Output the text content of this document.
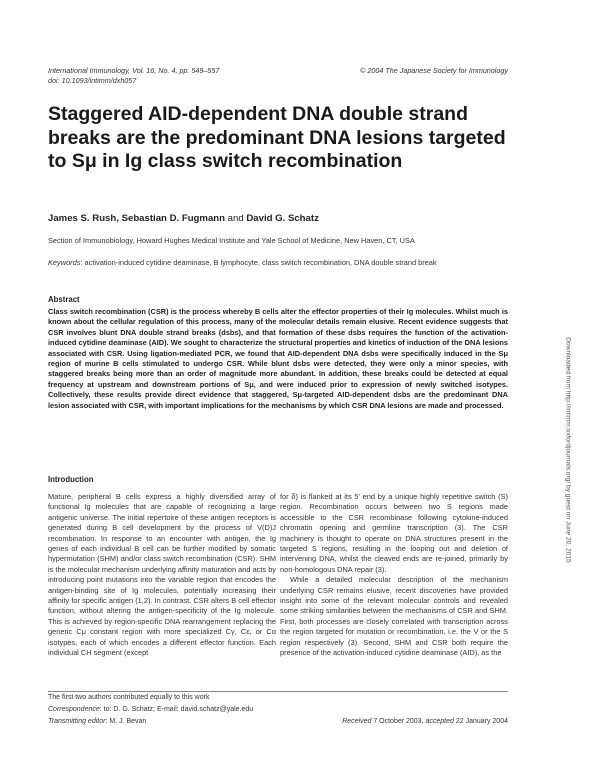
International Immunology, Vol. 16, No. 4, pp. 549–557
doi: 10.1093/intimm/dxh057
© 2004 The Japanese Society for Immunology
Staggered AID-dependent DNA double strand breaks are the predominant DNA lesions targeted to Sμ in Ig class switch recombination
James S. Rush, Sebastian D. Fugmann and David G. Schatz
Section of Immunobiology, Howard Hughes Medical Institute and Yale School of Medicine, New Haven, CT, USA
Keywords: activation-induced cytidine deaminase, B lymphocyte, class switch recombination, DNA double strand break
Abstract
Class switch recombination (CSR) is the process whereby B cells alter the effector properties of their Ig molecules. Whilst much is known about the cellular regulation of this process, many of the molecular details remain elusive. Recent evidence suggests that CSR involves blunt DNA double strand breaks (dsbs), and that formation of these dsbs requires the function of the activation-induced cytidine deaminase (AID). We sought to characterize the structural properties and kinetics of induction of the DNA lesions associated with CSR. Using ligation-mediated PCR, we found that AID-dependent DNA dsbs were specifically induced in the Sμ region of murine B cells stimulated to undergo CSR. While blunt dsbs were detected, they were only a minor species, with staggered breaks being more than an order of magnitude more abundant. In addition, these breaks could be detected at equal frequency at upstream and downstream portions of Sμ, and were induced prior to expression of newly switched isotypes. Collectively, these results provide direct evidence that staggered, Sμ-targeted AID-dependent dsbs are the predominant DNA lesion associated with CSR, with important implications for the mechanisms by which CSR DNA lesions are made and processed.
Introduction

Mature, peripheral B cells express a highly diversified array of functional Ig molecules that are capable of recognizing a large antigenic universe. The initial repertoire of these antigen receptors is generated during B cell development by the process of V(D)J recombination. In response to an encounter with antigen, the Ig genes of each individual B cell can be further modified by somatic hypermutation (SHM) and/or class switch recombination (CSR). SHM is the molecular mechanism underlying affinity maturation and acts by introducing point mutations into the variable region that encodes the antigen-binding site of Ig molecules, potentially increasing their affinity for specific antigen (1,2). In contrast, CSR alters B cell effector function, without altering the antigen-specificity of the Ig molecule. This is achieved by region-specific DNA rearrangement replacing the generic Cμ constant region with more specialized Cγ, Cε, or Cα isotypes, each of which encodes a different effector function. Each individual CH segment (except

for δ) is flanked at its 5′ end by a unique highly repetitive switch (S) region. Recombination occurs between two S regions made accessible to the CSR recombinase following cytokine-induced chromatin opening and germline transcription (3). The CSR machinery is thought to operate on DNA structures present in the targeted S regions, resulting in the looping out and deletion of intervening DNA, whilst the cleaved ends are re-joined, primarily by non-homologous DNA repair (3).

While a detailed molecular description of the mechanism underlying CSR remains elusive, recent discoveries have provided insight into some of the relevant molecular controls and revealed some striking similarities between the mechanisms of CSR and SHM. First, both processes are closely correlated with transcription across the region targeted for mutation or recombination, i.e. the V or the S region respectively (3). Second, SHM and CSR both require the presence of the activation-induced cytidine deaminase (AID), as the

The first two authors contributed equally to this work
Correspondence: to: D. G. Schatz; E-mail: david.schatz@yale.edu
Transmitting editor: M. J. Bevan	Received 7 October 2003, accepted 22 January 2004
Downloaded from http://intimm.oxfordjournals.org/ by guest on June 20, 2015
